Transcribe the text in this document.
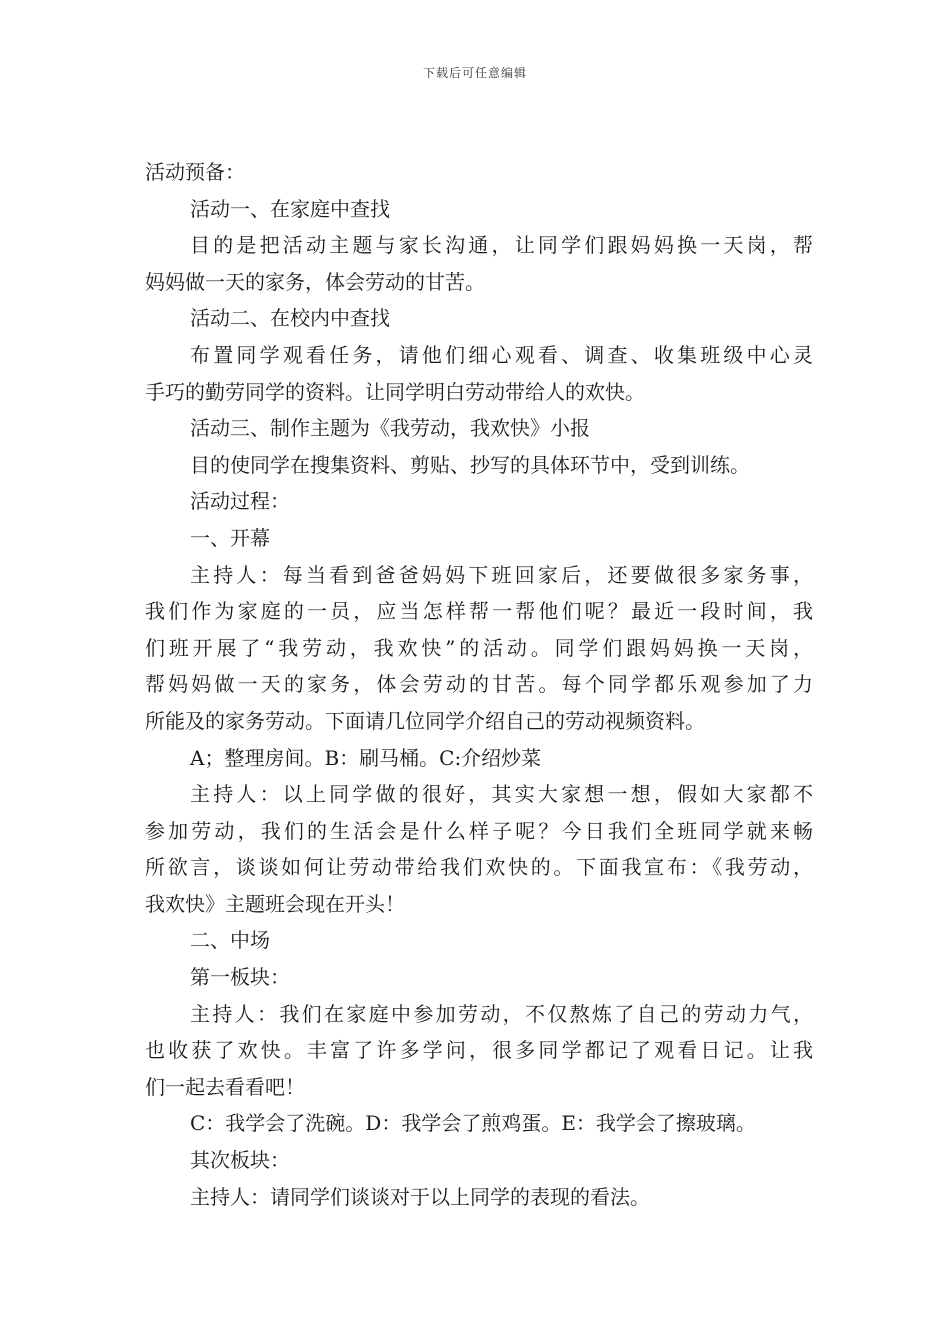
下载后可任意编辑
活动预备：
活动一、在家庭中查找
目的是把活动主题与家长沟通，让同学们跟妈妈换一天岗，帮
妈妈做一天的家务，体会劳动的甘苦。
活动二、在校内中查找
布置同学观看任务，请他们细心观看、调查、收集班级中心灵
手巧的勤劳同学的资料。让同学明白劳动带给人的欢快。
活动三、制作主题为《我劳动，我欢快》小报
目的使同学在搜集资料、剪贴、抄写的具体环节中，受到训练。
活动过程：
一、开幕
主持人：每当看到爸爸妈妈下班回家后，还要做很多家务事，
我们作为家庭的一员，应当怎样帮一帮他们呢？最近一段时间，我
们班开展了“我劳动，我欢快”的活动。同学们跟妈妈换一天岗，
帮妈妈做一天的家务，体会劳动的甘苦。每个同学都乐观参加了力
所能及的家务劳动。下面请几位同学介绍自己的劳动视频资料。
A；整理房间。B：刷马桶。C:介绍炒菜
主持人：以上同学做的很好，其实大家想一想，假如大家都不
参加劳动，我们的生活会是什么样子呢？今日我们全班同学就来畅
所欲言，谈谈如何让劳动带给我们欢快的。下面我宣布：《我劳动，
我欢快》主题班会现在开头！
二、中场
第一板块：
主持人：我们在家庭中参加劳动，不仅熬炼了自己的劳动力气，
也收获了欢快。丰富了许多学问，很多同学都记了观看日记。让我
们一起去看看吧！
C：我学会了洗碗。D：我学会了煎鸡蛋。E：我学会了擦玻璃。
其次板块：
主持人：请同学们谈谈对于以上同学的表现的看法。
